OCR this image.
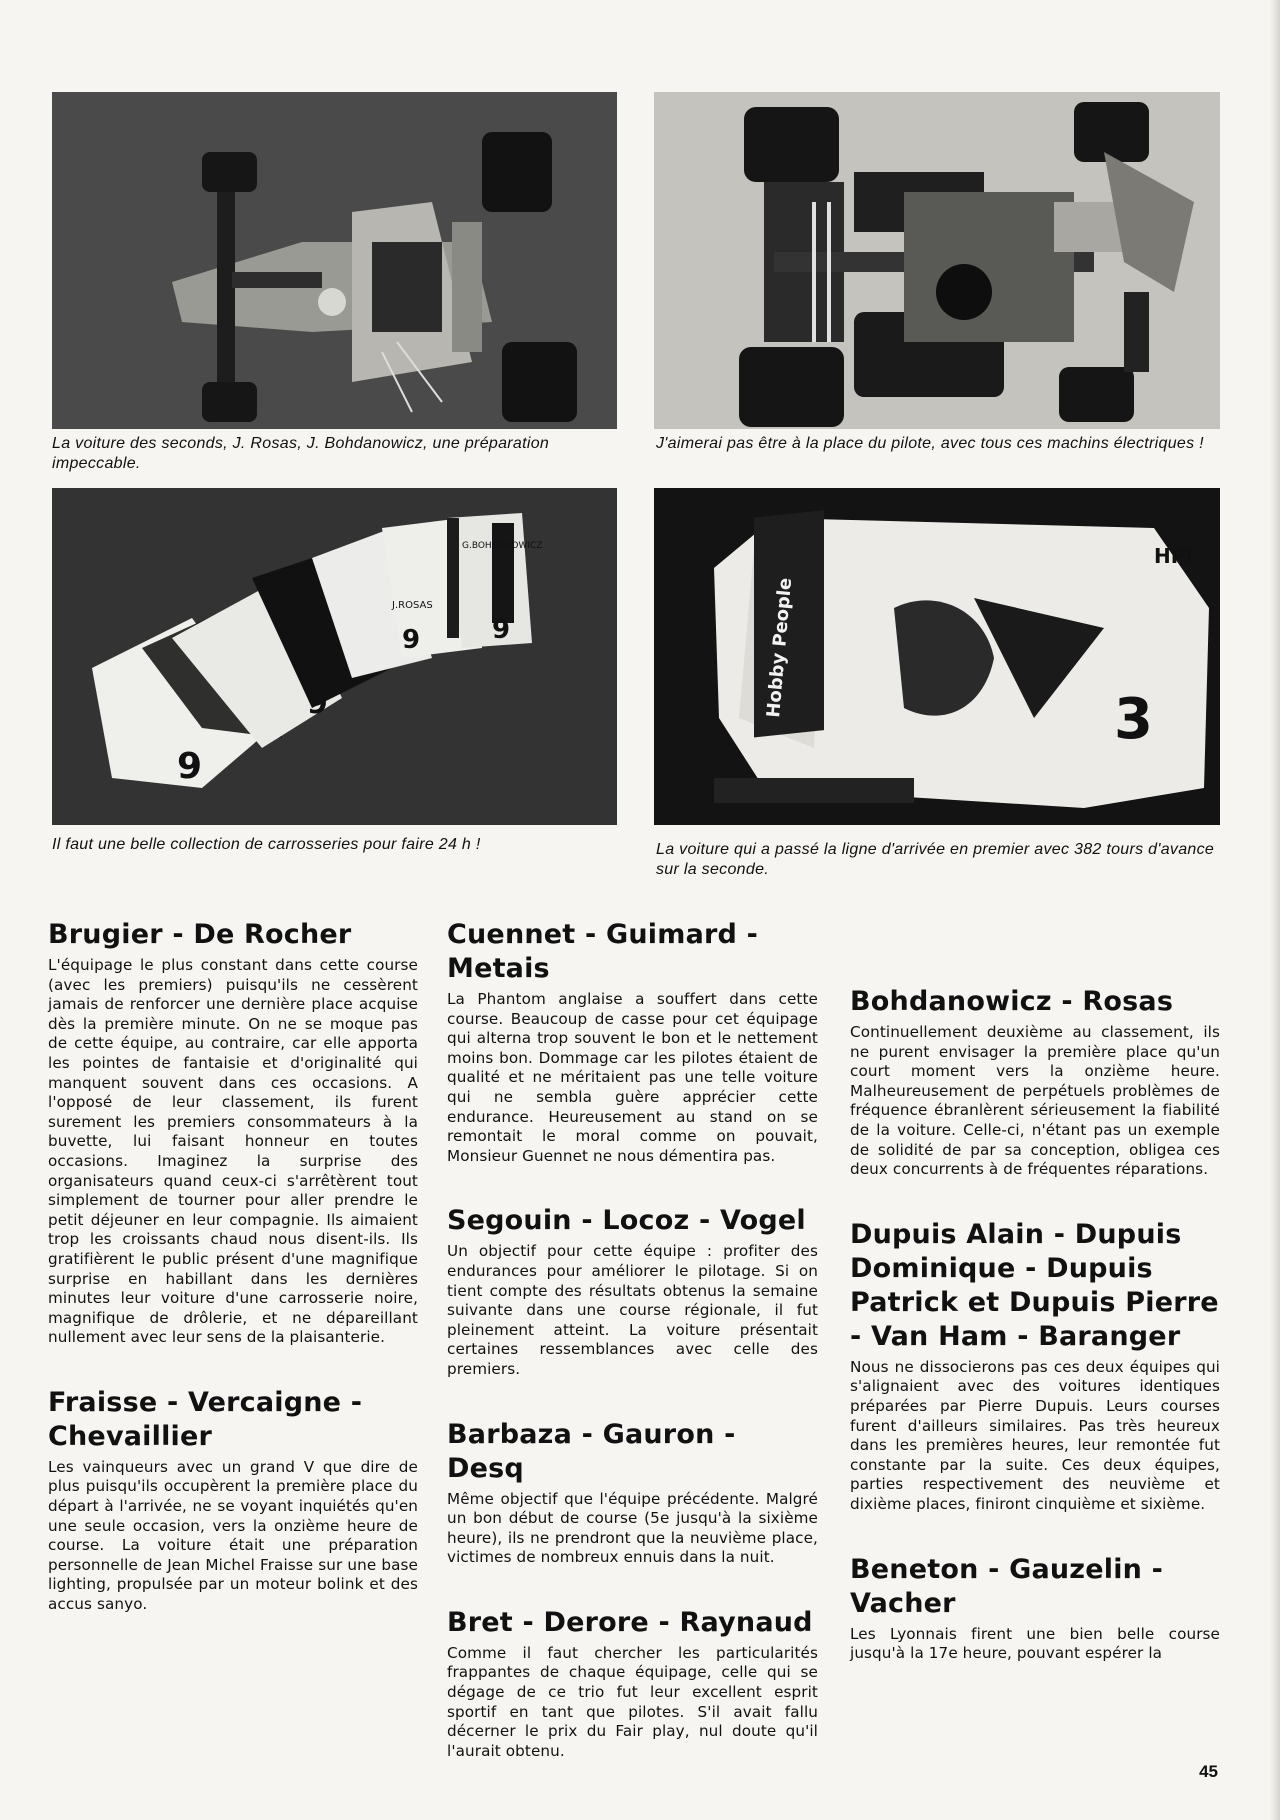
9
9
9	9
J.ROSAS
G.BOHDANOWICZ
Hobby People
3
HPI
La voiture des seconds, J. Rosas, J. Bohdanowicz, une préparation impeccable.
J'aimerai pas être à la place du pilote, avec tous ces machins électriques !
Il faut une belle collection de carrosseries pour faire 24 h !	La voiture qui a passé la ligne d'arrivée en premier avec 382 tours d'avance sur la seconde.
Brugier - De Rocher

L'équipage le plus constant dans cette course (avec les premiers) puisqu'ils ne cessèrent jamais de renforcer une dernière place acquise dès la première minute. On ne se moque pas de cette équipe, au contraire, car elle apporta les pointes de fantaisie et d'originalité qui manquent souvent dans ces occasions. A l'opposé de leur classement, ils furent surement les premiers consommateurs à la buvette, lui faisant honneur en toutes occasions. Imaginez la surprise des organisateurs quand ceux-ci s'arrêtèrent tout simplement de tourner pour aller prendre le petit déjeuner en leur compagnie. Ils aimaient trop les croissants chaud nous disent-ils. Ils gratifièrent le public présent d'une magnifique surprise en habillant dans les dernières minutes leur voiture d'une carrosserie noire, magnifique de drôlerie, et ne dépareillant nullement avec leur sens de la plaisanterie.

Fraisse - Vercaigne - Chevaillier

Les vainqueurs avec un grand V que dire de plus puisqu'ils occupèrent la première place du départ à l'arrivée, ne se voyant inquiétés qu'en une seule occasion, vers la onzième heure de course. La voiture était une préparation personnelle de Jean Michel Fraisse sur une base lighting, propulsée par un moteur bolink et des accus sanyo.

Cuennet - Guimard - Metais

La Phantom anglaise a souffert dans cette course. Beaucoup de casse pour cet équipage qui alterna trop souvent le bon et le nettement moins bon. Dommage car les pilotes étaient de qualité et ne méritaient pas une telle voiture qui ne sembla guère apprécier cette endurance. Heureusement au stand on se remontait le moral comme on pouvait, Monsieur Guennet ne nous démentira pas.

Segouin - Locoz - Vogel

Un objectif pour cette équipe : profiter des endurances pour améliorer le pilotage. Si on tient compte des résultats obtenus la semaine suivante dans une course régionale, il fut pleinement atteint. La voiture présentait certaines ressemblances avec celle des premiers.

Barbaza - Gauron - Desq

Même objectif que l'équipe précédente. Malgré un bon début de course (5e jusqu'à la sixième heure), ils ne prendront que la neuvième place, victimes de nombreux ennuis dans la nuit.

Bret - Derore - Raynaud

Comme il faut chercher les particularités frappantes de chaque équipage, celle qui se dégage de ce trio fut leur excellent esprit sportif en tant que pilotes. S'il avait fallu décerner le prix du Fair play, nul doute qu'il l'aurait obtenu.

Bohdanowicz - Rosas

Continuellement deuxième au classement, ils ne purent envisager la première place qu'un court moment vers la onzième heure. Malheureusement de perpétuels problèmes de fréquence ébranlèrent sérieusement la fiabilité de la voiture. Celle-ci, n'étant pas un exemple de solidité de par sa conception, obligea ces deux concurrents à de fréquentes réparations.

Dupuis Alain - Dupuis Dominique - Dupuis Patrick et Dupuis Pierre - Van Ham - Baranger

Nous ne dissocierons pas ces deux équipes qui s'alignaient avec des voitures identiques préparées par Pierre Dupuis. Leurs courses furent d'ailleurs similaires. Pas très heureux dans les premières heures, leur remontée fut constante par la suite. Ces deux équipes, parties respectivement des neuvième et dixième places, finiront cinquième et sixième.

Beneton - Gauzelin -Vacher

Les Lyonnais firent une bien belle course jusqu'à la 17e heure, pouvant espérer la

45
